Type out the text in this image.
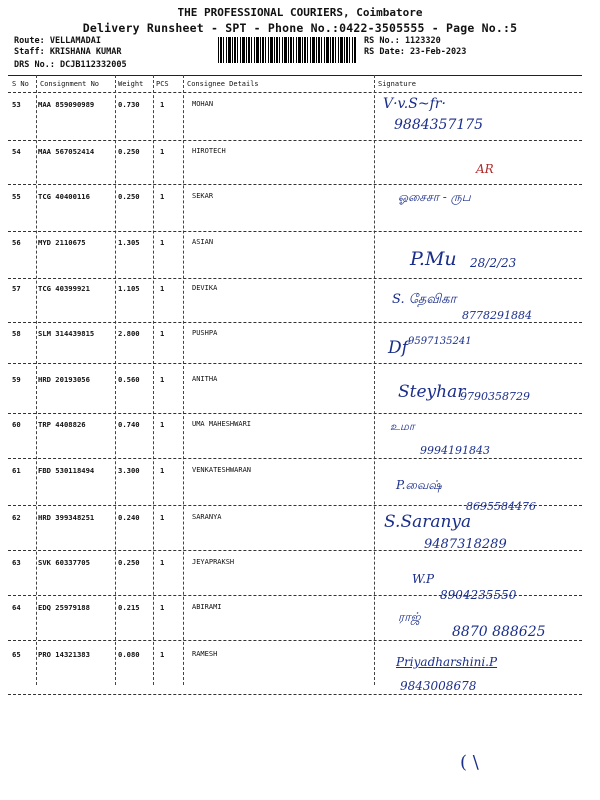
THE PROFESSIONAL COURIERS, Coimbatore
Delivery Runsheet - SPT - Phone No.:0422-3505555 - Page No.:5
Route: VELLAMADAI
Staff: KRISHANA KUMAR
DRS No.: DCJB112332005
RS No.: 1123320
RS Date: 23-Feb-2023
S No Consignment No	Weight PCS	Consignee Details	Signature
53 MAA 859090989	0.730	1	MOHAN	V·v.S~fr·
9884357175
54 MAA 567052414	0.250	1	HIROTECH
55 TCG 40400116	0.250	1	SEKAR
AR
ஓசைசா - ருப
56 MYD 2110675	1.305	1	ASIAN
P.Mu 28/2/23
57 TCG 40399921	1.105	1	DEVIKA
S. தேவிகா
8778291884
58 SLM 314439815	2.800	1	PUSHPA
Df 9597135241
59 HRD 20193056	0.560	1	ANITHA
Steyhar
9790358729
60 TRP 4408826	0.740	1	UMA MAHESHWARI	உமா
9994191843
61 FBD 530118494	3.300	1	VENKATESHWARAN
P.வைஷ்
8695584476
62 HRD 399348251	0.240	1	SARANYA	S.Saranya
9487318289
63 SVK 60337705	0.250	1	JEYAPRAKSH
W.P
8904235550
64 EDQ 25979188	0.215	1	ABIRAMI
ராஜ்
8870 888625
65 PRO 14321383	0.080	1	RAMESH
Priyadharshini.P
9843008678
( \
